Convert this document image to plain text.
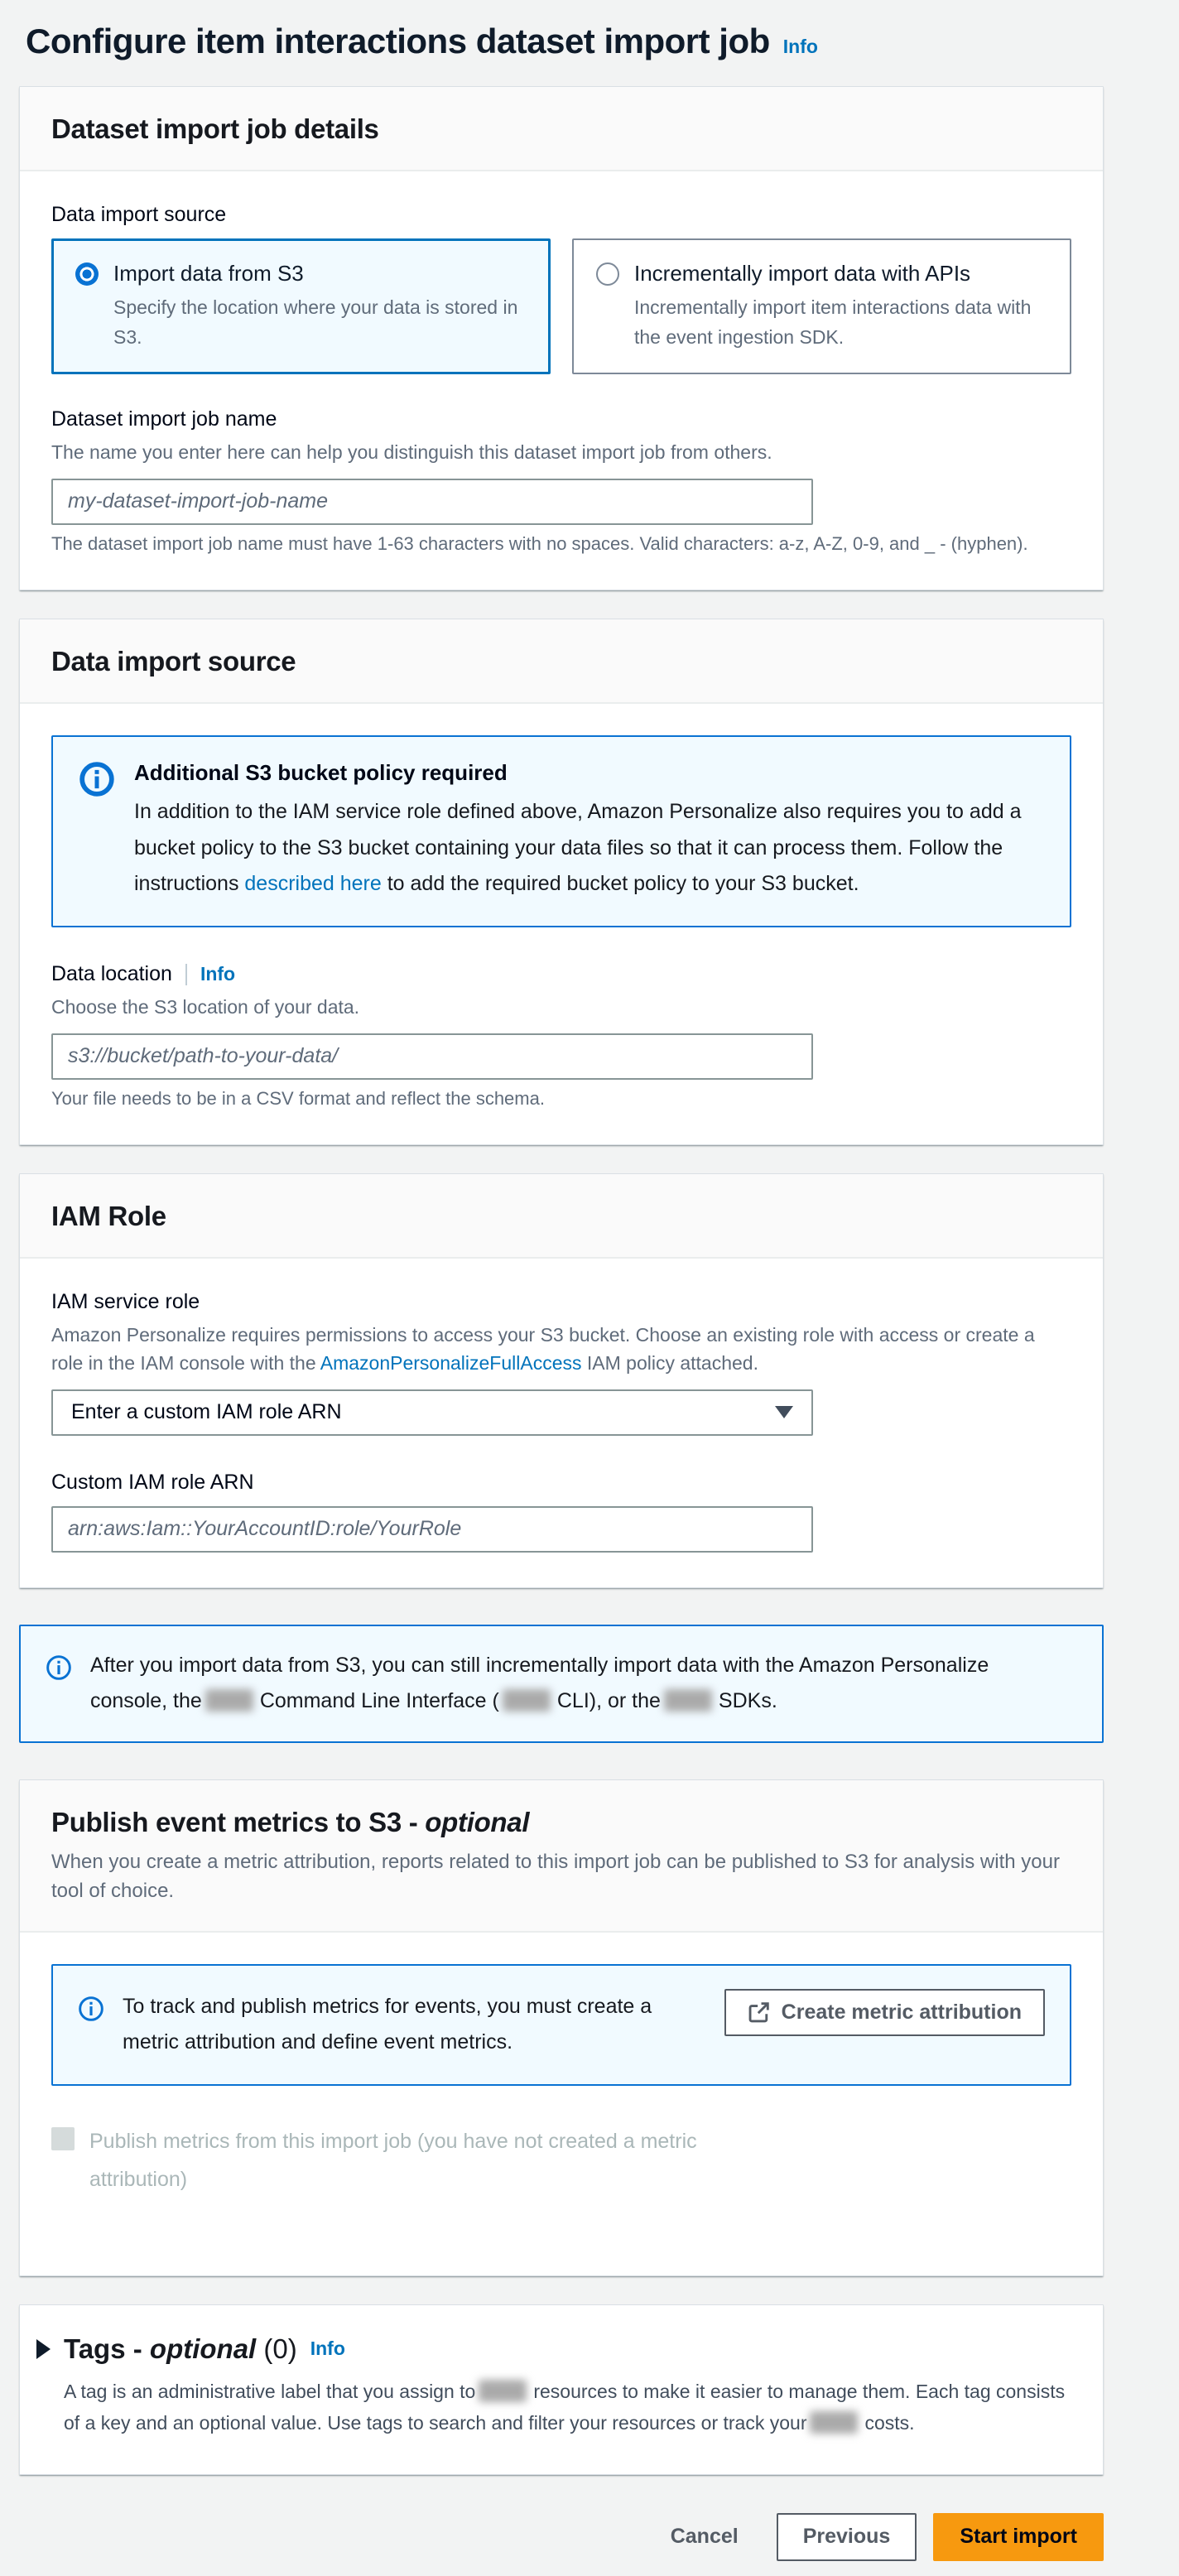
Configure item interactions dataset import job Info
Dataset import job details
Data import source
Import data from S3
Specify the location where your data is stored in S3.
Incrementally import data with APIs
Incrementally import item interactions data with the event ingestion SDK.
Dataset import job name
The name you enter here can help you distinguish this dataset import job from others.
my-dataset-import-job-name
The dataset import job name must have 1-63 characters with no spaces. Valid characters: a-z, A-Z, 0-9, and _ - (hyphen).
Data import source
Additional S3 bucket policy required
In addition to the IAM service role defined above, Amazon Personalize also requires you to add a bucket policy to the S3 bucket containing your data files so that it can process them. Follow the instructions described here to add the required bucket policy to your S3 bucket.
Data location Info
Choose the S3 location of your data.
s3://bucket/path-to-your-data/
Your file needs to be in a CSV format and reflect the schema.
IAM Role
IAM service role
Amazon Personalize requires permissions to access your S3 bucket. Choose an existing role with access or create a role in the IAM console with the AmazonPersonalizeFullAccess IAM policy attached.
Enter a custom IAM role ARN
Custom IAM role ARN
arn:aws:Iam::YourAccountID:role/YourRole
After you import data from S3, you can still incrementally import data with the Amazon Personalize console, the	Command Line Interface (	CLI), or the	SDKs.
Publish event metrics to S3 - optional
When you create a metric attribution, reports related to this import job can be published to S3 for analysis with your tool of choice.
To track and publish metrics for events, you must create a metric attribution and define event metrics.
Create metric attribution
Publish metrics from this import job (you have not created a metric attribution)
Tags - optional (0) Info
A tag is an administrative label that you assign to	resources to make it easier to manage them. Each tag consists of a key and an optional value. Use tags to search and filter your resources or track your	costs.
Cancel	Previous	Start import
